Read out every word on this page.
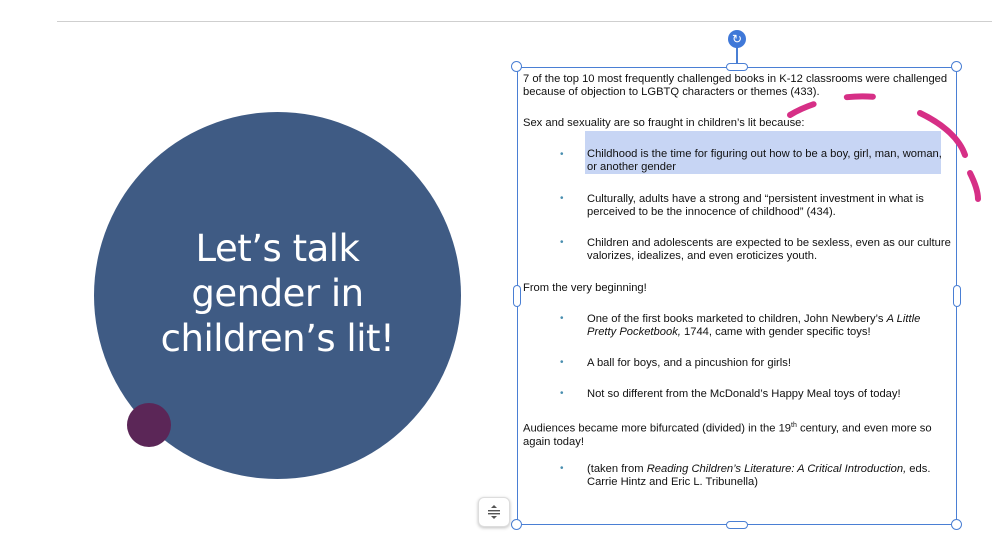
Let’s talk
gender in
children’s lit!
↻
7 of the top 10 most frequently challenged books in K-12 classrooms were challenged because of objection to LGBTQ characters or themes (433).
Sex and sexuality are so fraught in children’s lit because:
• Childhood is the time for figuring out how to be a boy, girl, man, woman, or another gender
• Culturally, adults have a strong and “persistent investment in what is perceived to be the innocence of childhood” (434).
• Children and adolescents are expected to be sexless, even as our culture valorizes, idealizes, and even eroticizes youth.
From the very beginning!
• One of the first books marketed to children, John Newbery’s A Little Pretty Pocketbook, 1744, came with gender specific toys!
• A ball for boys, and a pincushion for girls!
• Not so different from the McDonald’s Happy Meal toys of today!
Audiences became more bifurcated (divided) in the 19th century, and even more so again today!
• (taken from Reading Children’s Literature: A Critical Introduction, eds. Carrie Hintz and Eric L. Tribunella)
